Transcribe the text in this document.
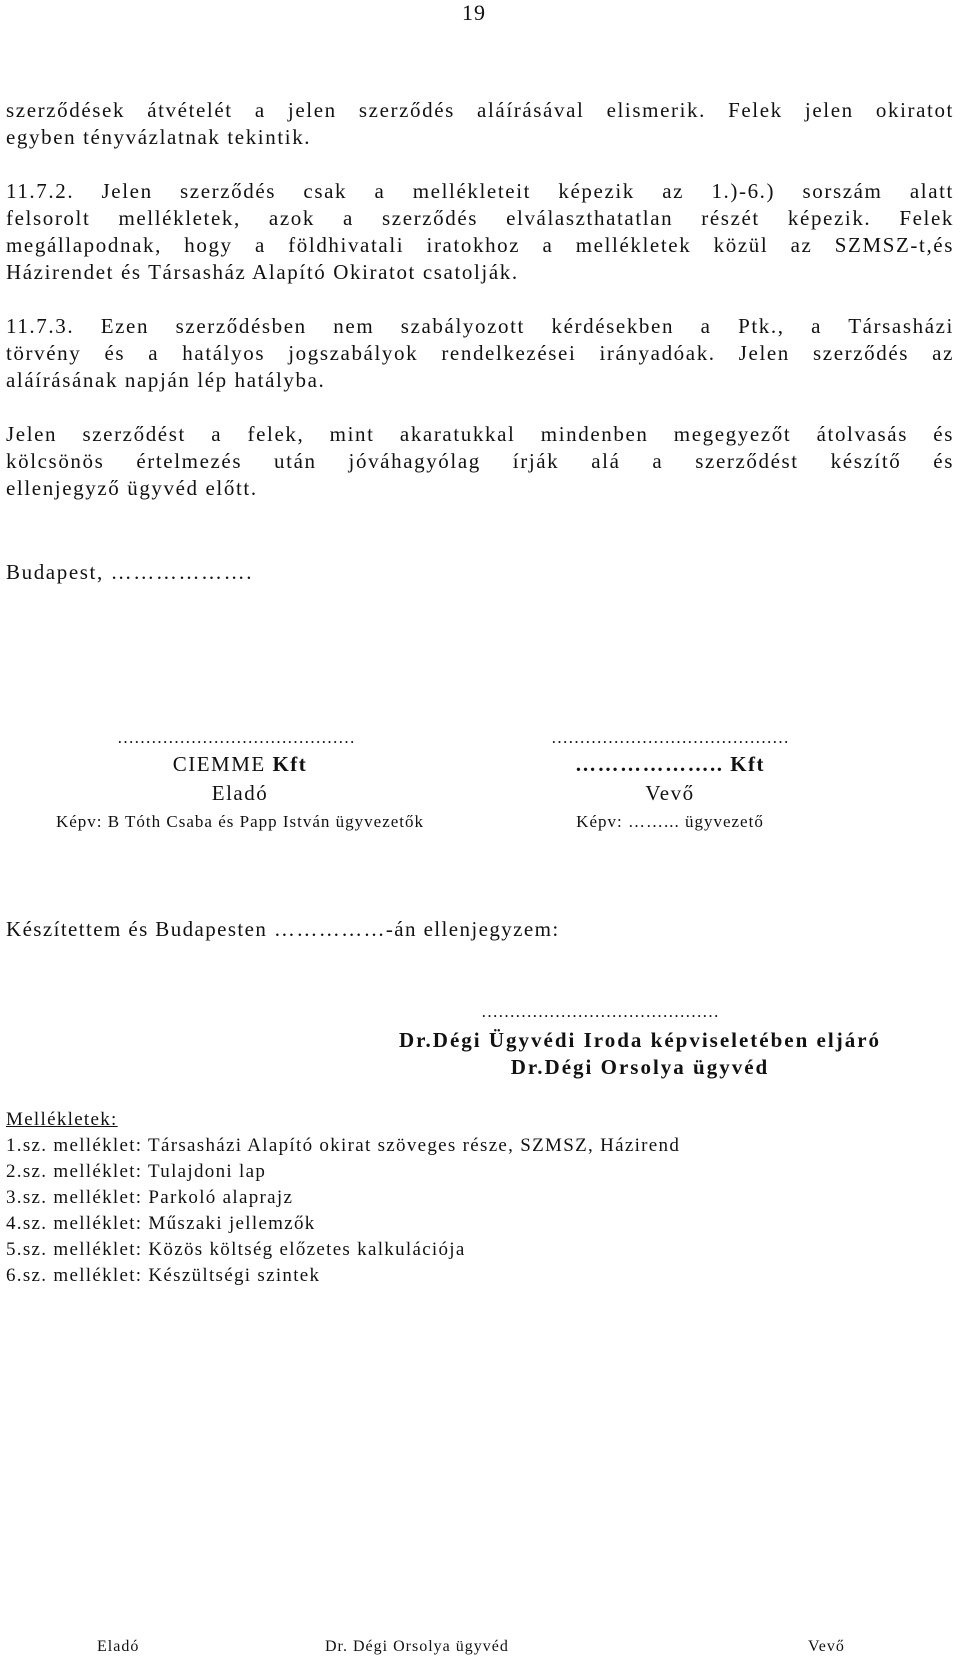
19
szerződések átvételét a jelen szerződés aláírásával elismerik. Felek jelen okiratot
egyben tényvázlatnak tekintik.
11.7.2. Jelen szerződés csak a mellékleteit képezik az 1.)-6.) sorszám alatt
felsorolt mellékletek, azok a szerződés elválaszthatatlan részét képezik. Felek
megállapodnak, hogy a földhivatali iratokhoz a mellékletek közül az SZMSZ-t,és
Házirendet és Társasház Alapító Okiratot csatolják.
11.7.3. Ezen szerződésben nem szabályozott kérdésekben a Ptk., a Társasházi
törvény és a hatályos jogszabályok rendelkezései irányadóak. Jelen szerződés az
aláírásának napján lép hatályba.
Jelen szerződést a felek, mint akaratukkal mindenben megegyezőt átolvasás és
kölcsönös értelmezés után jóváhagyólag írják alá a szerződést készítő és
ellenjegyző ügyvéd előtt.
Budapest, ……………….
……………………………………
CIEMME Kft
Eladó
Képv: B Tóth Csaba és Papp István ügyvezetők
……………………………………
……………….. Kft
Vevő
Képv: ……... ügyvezető
Készítettem és Budapesten ……………-án ellenjegyzem:
……………………………………
Dr.Dégi Ügyvédi Iroda képviseletében eljáró
Dr.Dégi Orsolya ügyvéd
Mellékletek:
1.sz. melléklet: Társasházi Alapító okirat szöveges része, SZMSZ, Házirend
2.sz. melléklet: Tulajdoni lap
3.sz. melléklet: Parkoló alaprajz
4.sz. melléklet: Műszaki jellemzők
5.sz. melléklet: Közös költség előzetes kalkulációja
6.sz. melléklet: Készültségi szintek
Eladó	Dr. Dégi Orsolya ügyvéd	Vevő
